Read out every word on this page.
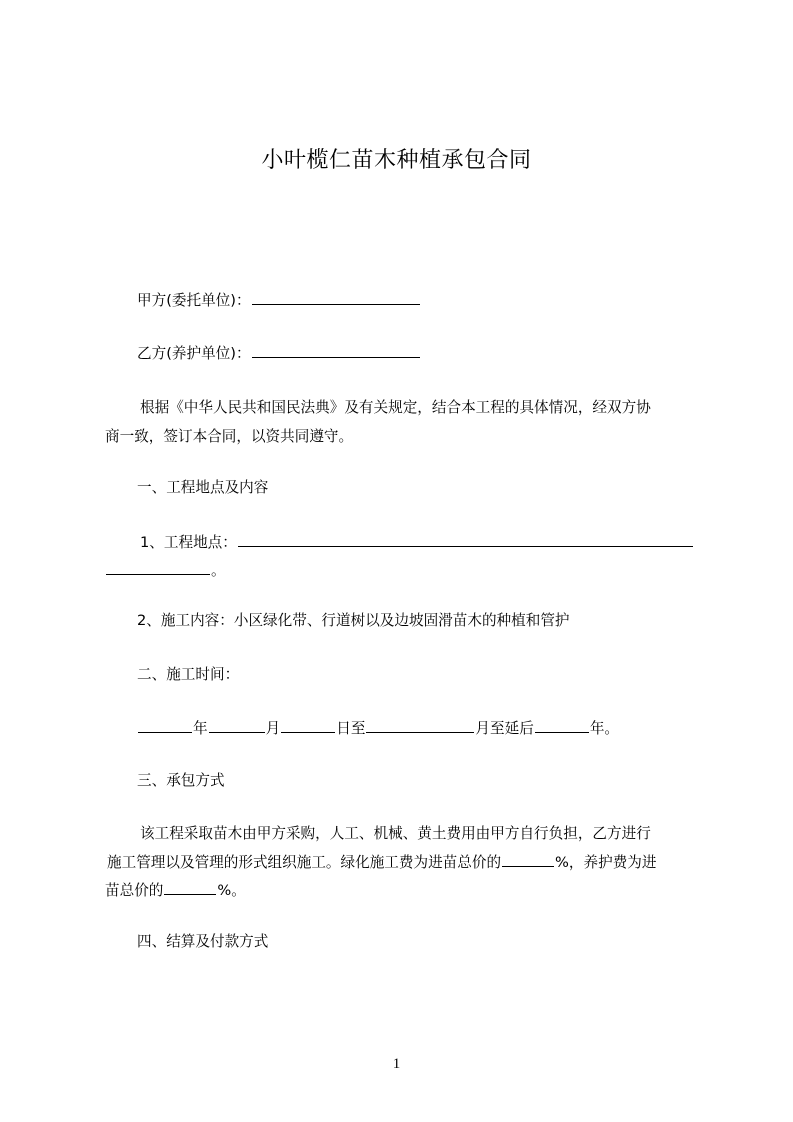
小叶榄仁苗木种植承包合同
甲方(委托单位)：
乙方(养护单位)：
根据《中华人民共和国民法典》及有关规定，结合本工程的具体情况，经双方协
商一致，签订本合同，以资共同遵守。
一、工程地点及内容
1、工程地点：
。
2、施工内容：小区绿化带、行道树以及边坡固滑苗木的种植和管护
二、施工时间：
年	月	日至	月至延后	年。
三、承包方式
该工程采取苗木由甲方采购，人工、机械、黄土费用由甲方自行负担，乙方进行
施工管理以及管理的形式组织施工。绿化施工费为进苗总价的	%，养护费为进
苗总价的	%。
四、结算及付款方式
1
